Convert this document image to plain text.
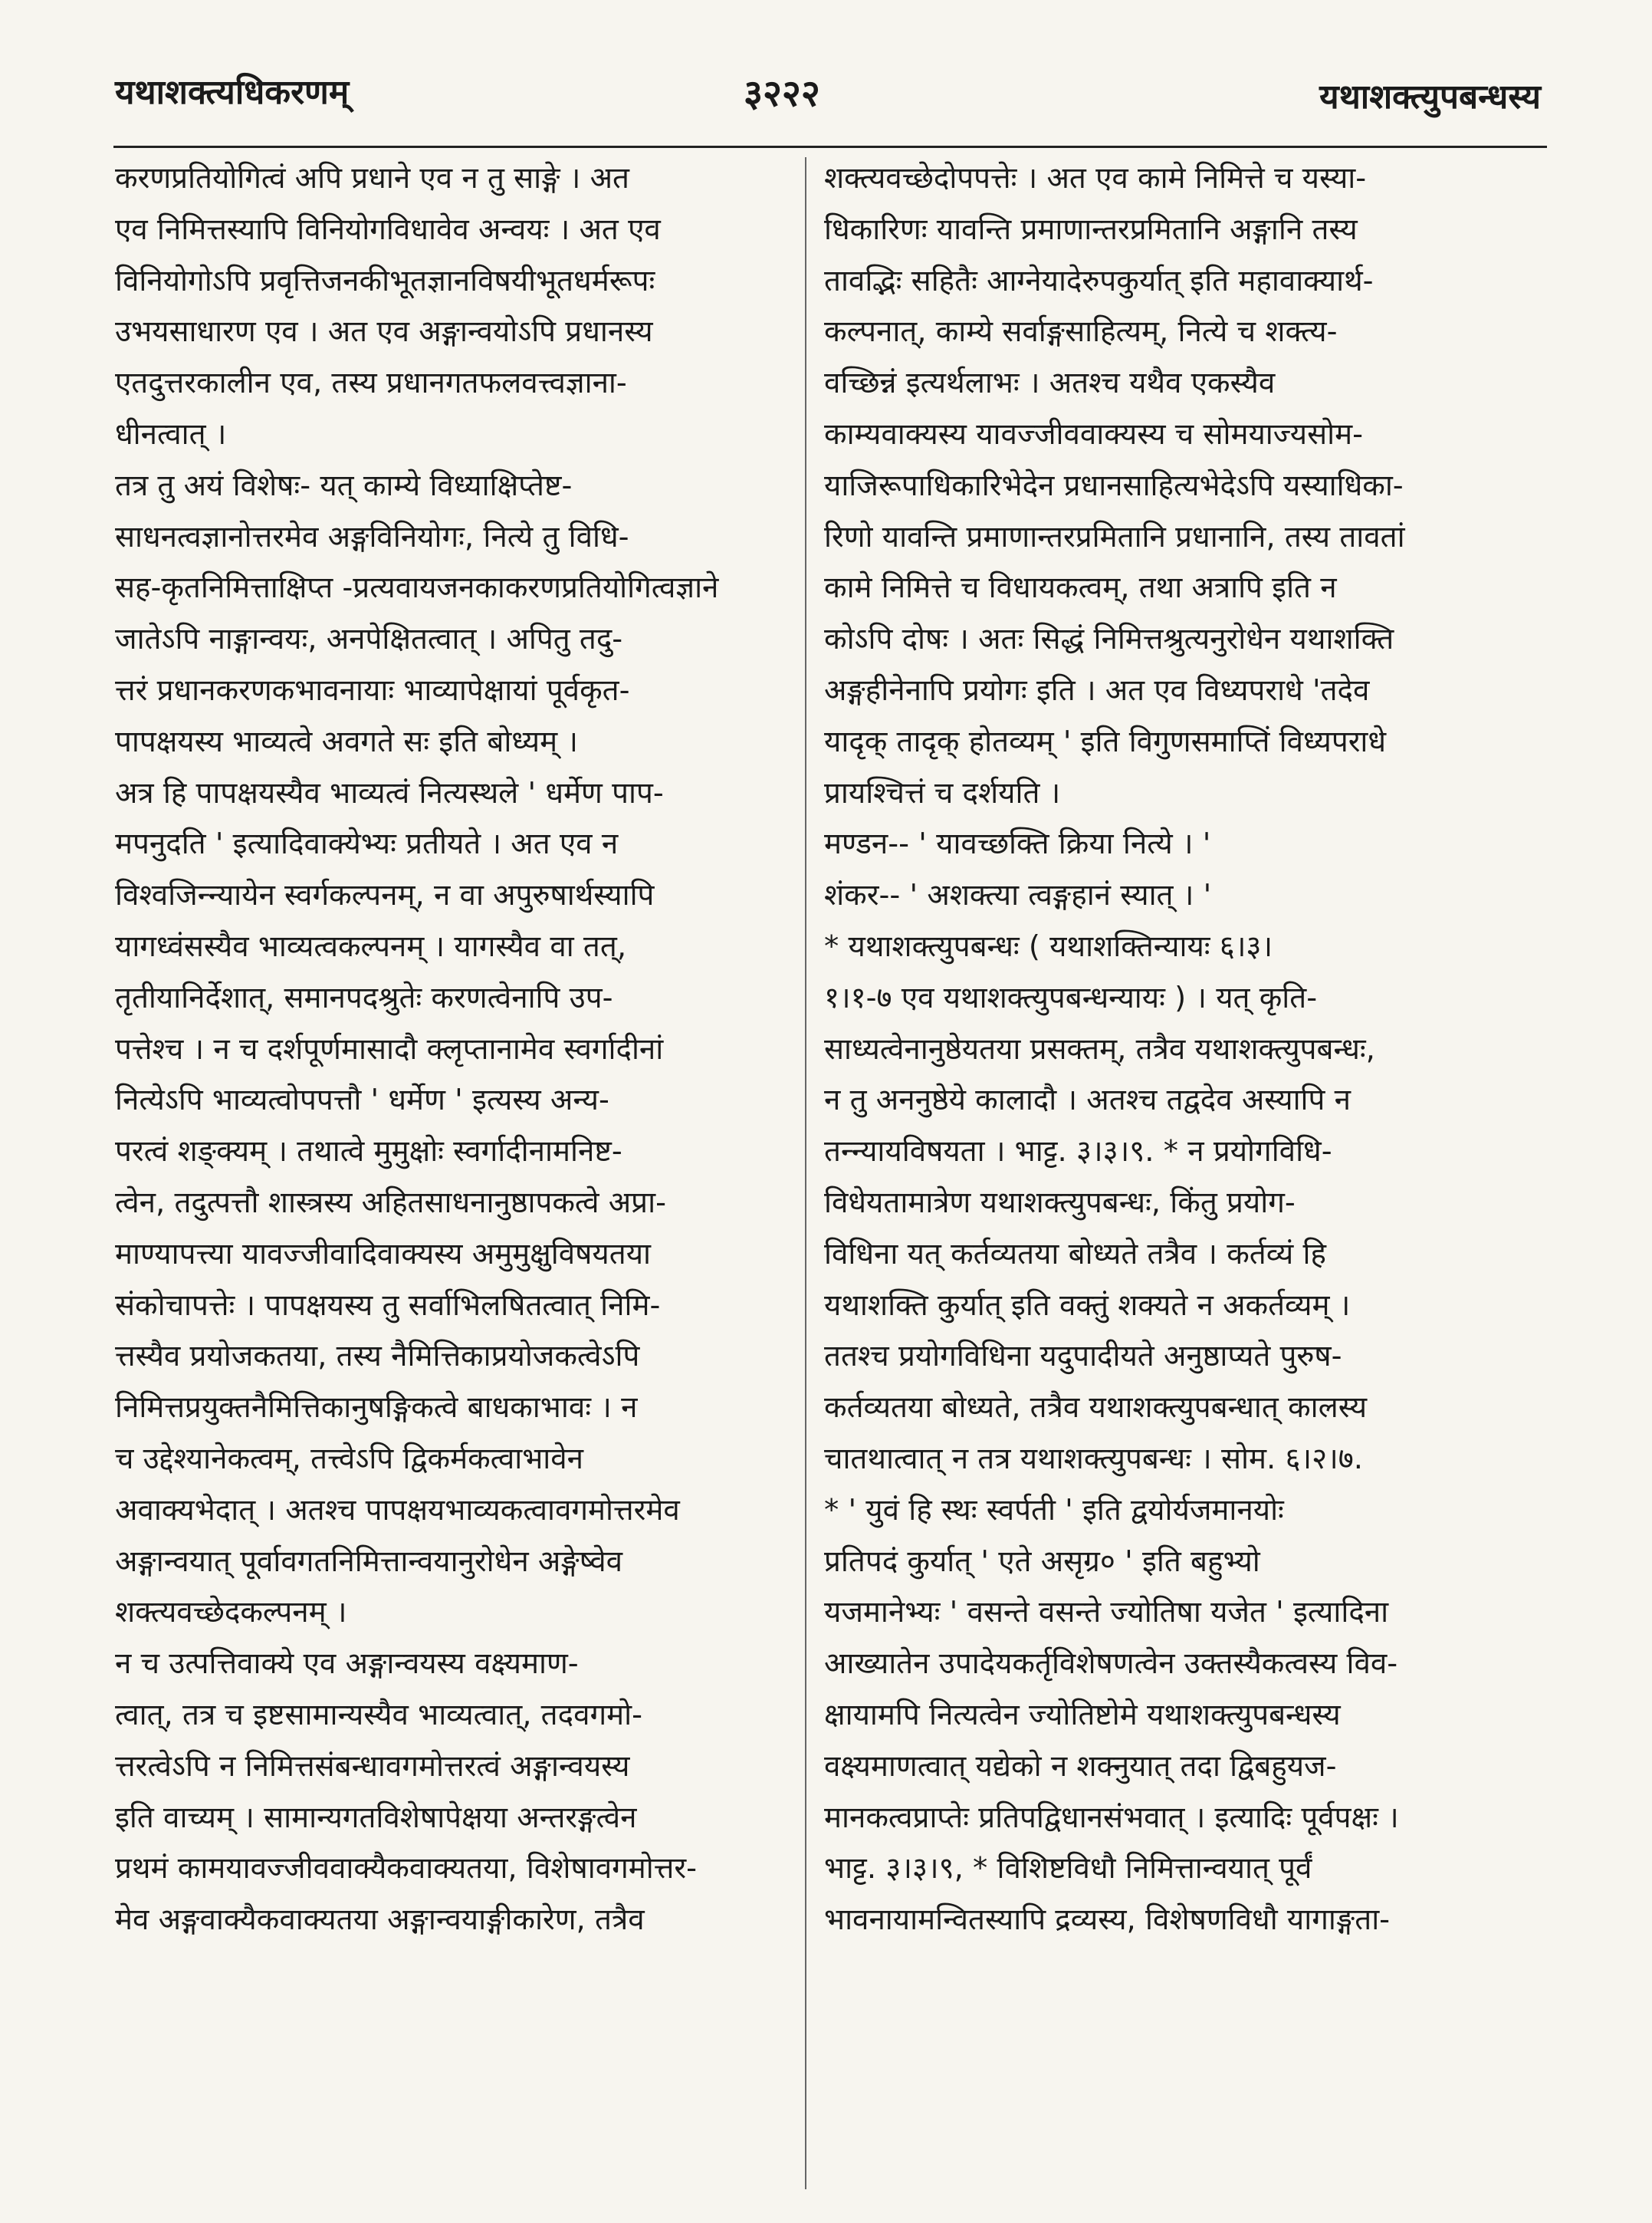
यथाशक्त्यधिकरणम्	३२२२	यथाशक्त्युपबन्धस्य
करणप्रतियोगित्वं अपि प्रधाने एव न तु साङ्गे । अत
एव निमित्तस्यापि विनियोगविधावेव अन्वयः । अत एव
विनियोगोऽपि प्रवृत्तिजनकीभूतज्ञानविषयीभूतधर्मरूपः
उभयसाधारण एव । अत एव अङ्गान्वयोऽपि प्रधानस्य
एतदुत्तरकालीन एव, तस्य प्रधानगतफलवत्त्वज्ञाना-
धीनत्वात् ।
तत्र तु अयं विशेषः- यत् काम्ये विध्याक्षिप्तेष्ट-
साधनत्वज्ञानोत्तरमेव अङ्गविनियोगः, नित्ये तु विधि-
सह-कृतनिमित्ताक्षिप्त -प्रत्यवायजनकाकरणप्रतियोगित्वज्ञाने
जातेऽपि नाङ्गान्वयः, अनपेक्षितत्वात् । अपितु तदु-
त्तरं प्रधानकरणकभावनायाः भाव्यापेक्षायां पूर्वकृत-
पापक्षयस्य भाव्यत्वे अवगते सः इति बोध्यम् ।
अत्र हि पापक्षयस्यैव भाव्यत्वं नित्यस्थले ' धर्मेण पाप-
मपनुदति ' इत्यादिवाक्येभ्यः प्रतीयते । अत एव न
विश्वजिन्न्यायेन स्वर्गकल्पनम्, न वा अपुरुषार्थस्यापि
यागध्वंसस्यैव भाव्यत्वकल्पनम् । यागस्यैव वा तत्,
तृतीयानिर्देशात्, समानपदश्रुतेः करणत्वेनापि उप-
पत्तेश्च । न च दर्शपूर्णमासादौ क्लृप्तानामेव स्वर्गादीनां
नित्येऽपि भाव्यत्वोपपत्तौ ' धर्मेण ' इत्यस्य अन्य-
परत्वं शङ्क्यम् । तथात्वे मुमुक्षोः स्वर्गादीनामनिष्ट-
त्वेन, तदुत्पत्तौ शास्त्रस्य अहितसाधनानुष्ठापकत्वे अप्रा-
माण्यापत्त्या यावज्जीवादिवाक्यस्य अमुमुक्षुविषयतया
संकोचापत्तेः । पापक्षयस्य तु सर्वाभिलषितत्वात् निमि-
त्तस्यैव प्रयोजकतया, तस्य नैमित्तिकाप्रयोजकत्वेऽपि
निमित्तप्रयुक्तनैमित्तिकानुषङ्गिकत्वे बाधकाभावः । न
च उद्देश्यानेकत्वम्, तत्त्वेऽपि द्विकर्मकत्वाभावेन
अवाक्यभेदात् । अतश्च पापक्षयभाव्यकत्वावगमोत्तरमेव
अङ्गान्वयात् पूर्वावगतनिमित्तान्वयानुरोधेन अङ्गेष्वेव
शक्त्यवच्छेदकल्पनम् ।
न च उत्पत्तिवाक्ये एव अङ्गान्वयस्य वक्ष्यमाण-
त्वात्, तत्र च इष्टसामान्यस्यैव भाव्यत्वात्, तदवगमो-
त्तरत्वेऽपि न निमित्तसंबन्धावगमोत्तरत्वं अङ्गान्वयस्य
इति वाच्यम् । सामान्यगतविशेषापेक्षया अन्तरङ्गत्वेन
प्रथमं कामयावज्जीववाक्यैकवाक्यतया, विशेषावगमोत्तर-
मेव अङ्गवाक्यैकवाक्यतया अङ्गान्वयाङ्गीकारेण, तत्रैव
शक्त्यवच्छेदोपपत्तेः । अत एव कामे निमित्ते च यस्या-
धिकारिणः यावन्ति प्रमाणान्तरप्रमितानि अङ्गानि तस्य
तावद्भिः सहितैः आग्नेयादेरुपकुर्यात् इति महावाक्यार्थ-
कल्पनात्, काम्ये सर्वाङ्गसाहित्यम्, नित्ये च शक्त्य-
वच्छिन्नं इत्यर्थलाभः । अतश्च यथैव एकस्यैव
काम्यवाक्यस्य यावज्जीववाक्यस्य च सोमयाज्यसोम-
याजिरूपाधिकारिभेदेन प्रधानसाहित्यभेदेऽपि यस्याधिका-
रिणो यावन्ति प्रमाणान्तरप्रमितानि प्रधानानि, तस्य तावतां
कामे निमित्ते च विधायकत्वम्, तथा अत्रापि इति न
कोऽपि दोषः । अतः सिद्धं निमित्तश्रुत्यनुरोधेन यथाशक्ति
अङ्गहीनेनापि प्रयोगः इति । अत एव विध्यपराधे 'तदेव
यादृक् तादृक् होतव्यम् ' इति विगुणसमाप्तिं विध्यपराधे
प्रायश्चित्तं च दर्शयति ।
मण्डन-- ' यावच्छक्ति क्रिया नित्ये । '
शंकर-- ' अशक्त्या त्वङ्गहानं स्यात् । '
* यथाशक्त्युपबन्धः ( यथाशक्तिन्यायः ६।३।
१।१-७ एव यथाशक्त्युपबन्धन्यायः ) । यत् कृति-
साध्यत्वेनानुष्ठेयतया प्रसक्तम्, तत्रैव यथाशक्त्युपबन्धः,
न तु अननुष्ठेये कालादौ । अतश्च तद्वदेव अस्यापि न
तन्न्यायविषयता । भाट्ट. ३।३।९. * न प्रयोगविधि-
विधेयतामात्रेण यथाशक्त्युपबन्धः, किंतु प्रयोग-
विधिना यत् कर्तव्यतया बोध्यते तत्रैव । कर्तव्यं हि
यथाशक्ति कुर्यात् इति वक्तुं शक्यते न अकर्तव्यम् ।
ततश्च प्रयोगविधिना यदुपादीयते अनुष्ठाप्यते पुरुष-
कर्तव्यतया बोध्यते, तत्रैव यथाशक्त्युपबन्धात् कालस्य
चातथात्वात् न तत्र यथाशक्त्युपबन्धः । सोम. ६।२।७.
* ' युवं हि स्थः स्वर्पती ' इति द्वयोर्यजमानयोः
प्रतिपदं कुर्यात् ' एते असृग्र० ' इति बहुभ्यो
यजमानेभ्यः ' वसन्ते वसन्ते ज्योतिषा यजेत ' इत्यादिना
आख्यातेन उपादेयकर्तृविशेषणत्वेन उक्तस्यैकत्वस्य विव-
क्षायामपि नित्यत्वेन ज्योतिष्टोमे यथाशक्त्युपबन्धस्य
वक्ष्यमाणत्वात् यद्येको न शक्नुयात् तदा द्विबहुयज-
मानकत्वप्राप्तेः प्रतिपद्विधानसंभवात् । इत्यादिः पूर्वपक्षः ।
भाट्ट. ३।३।९, * विशिष्टविधौ निमित्तान्वयात् पूर्वं
भावनायामन्वितस्यापि द्रव्यस्य, विशेषणविधौ यागाङ्गता-
